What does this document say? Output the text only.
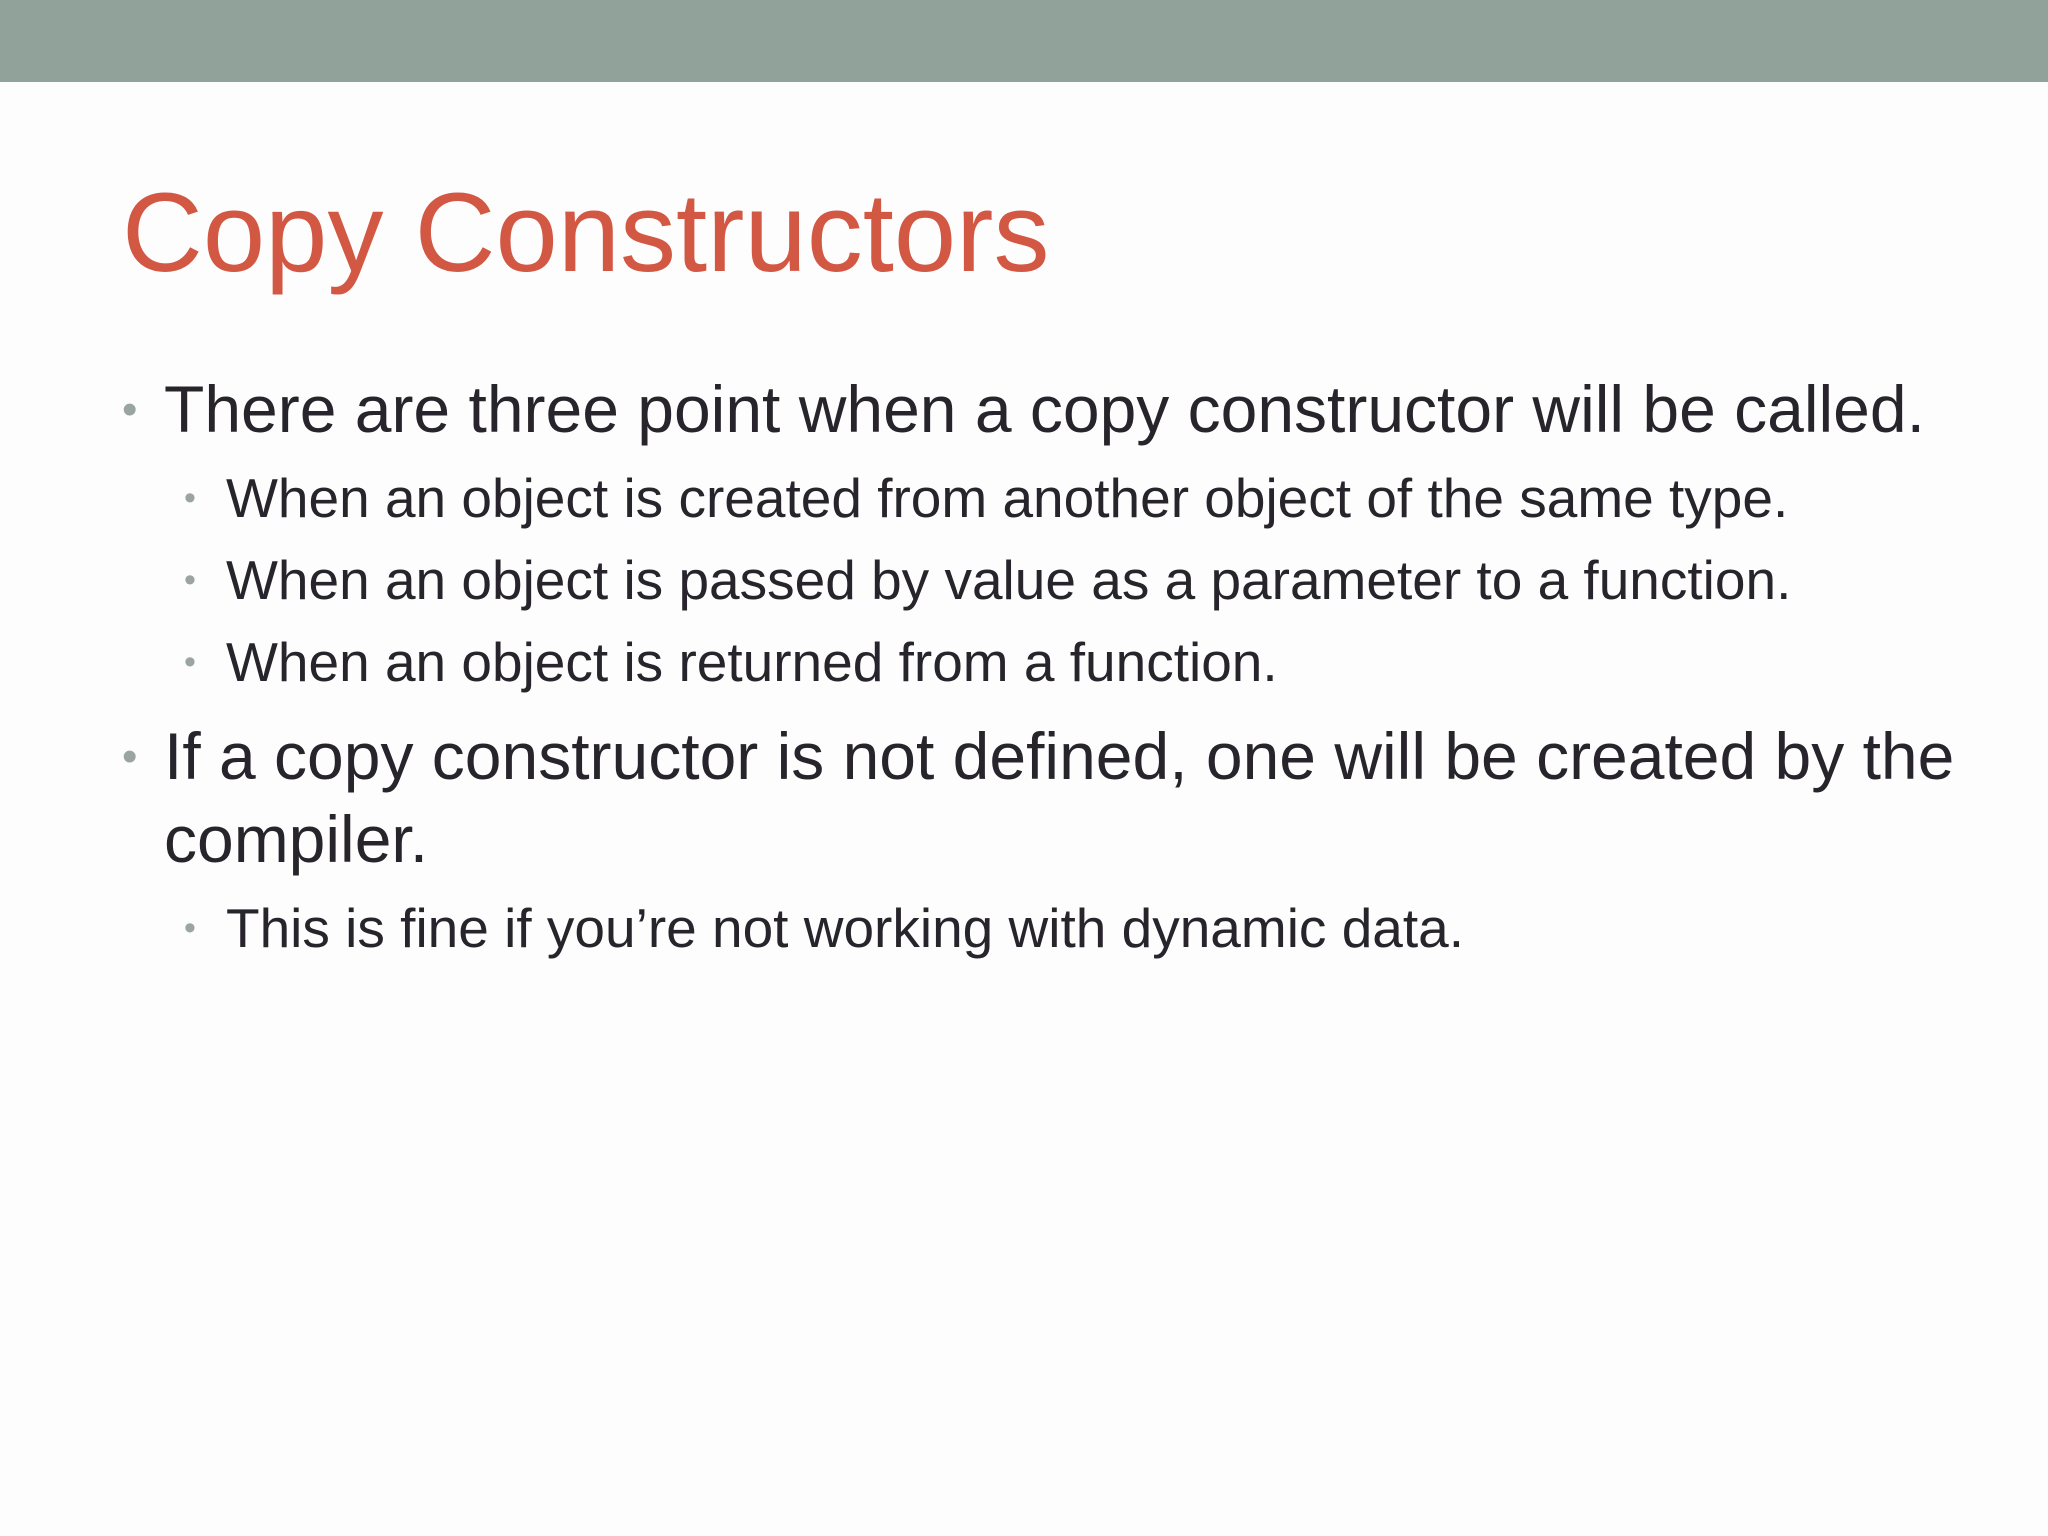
Copy Constructors
• There are three point when a copy constructor will be called.
• When an object is created from another object of the same type.
• When an object is passed by value as a parameter to a function.
• When an object is returned from a function.
• If a copy constructor is not defined, one will be created by the compiler.
• This is fine if you’re not working with dynamic data.
